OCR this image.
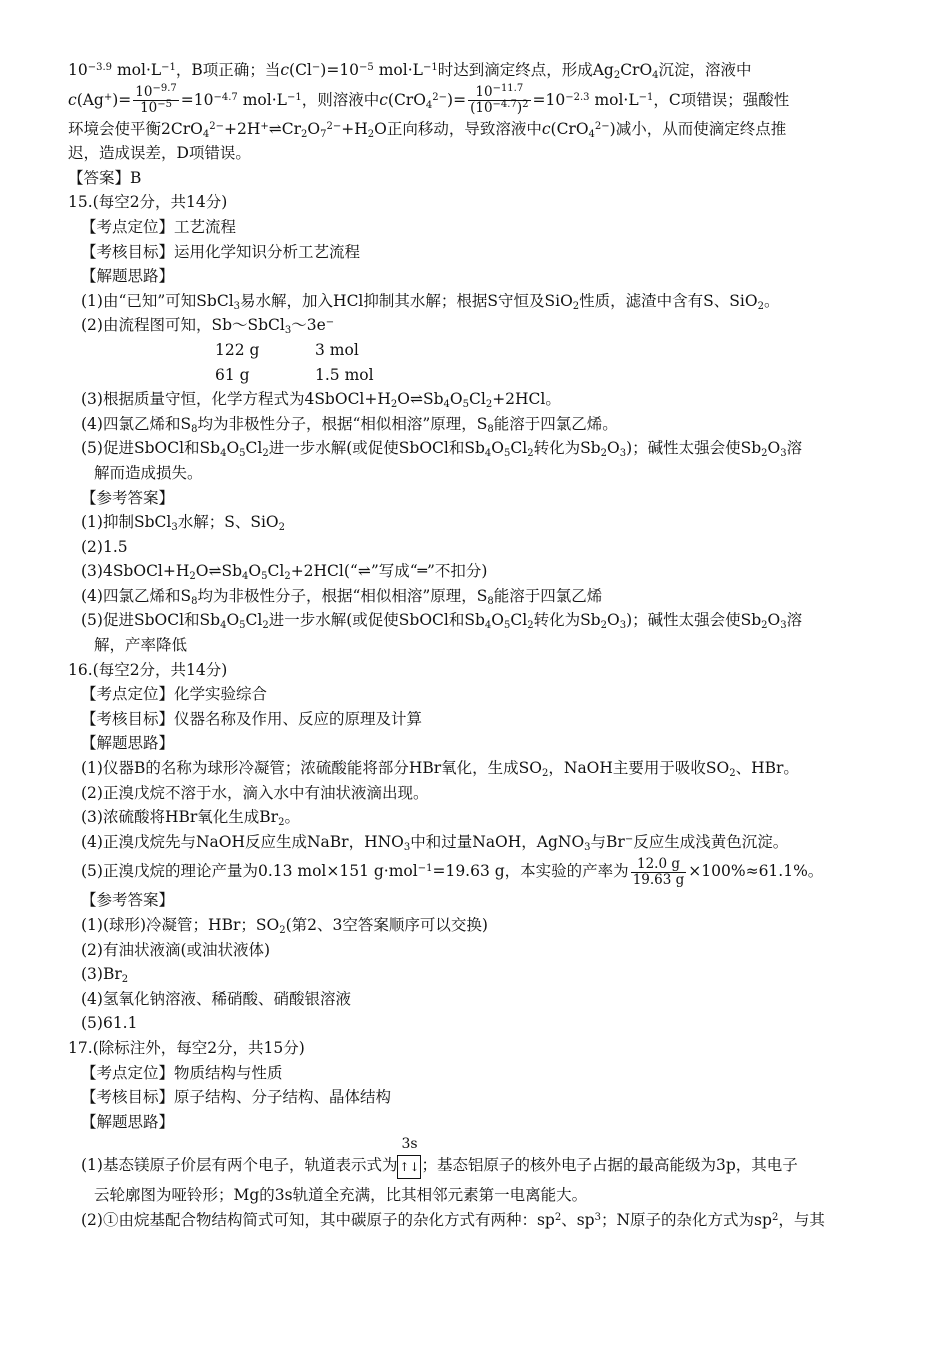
$10^{-3.9}$ $mol\cdot L^{-1}$，B项正确；当$c(Cl^-)=10^{-5}$ $mol\cdot L^{-1}$时达到滴定终点，形成$Ag_2CrO_4$沉淀，溶液中
$c(Ag^+)= \frac{10^{-9.7}}{10^{-5}} =10^{-4.7}$ $mol\cdot L^{-1}$，则溶液中$c(CrO_4^{2-})= \frac{10^{-11.7}}{(10^{-4.7})^2} =10^{-2.3}$ $mol\cdot L^{-1}$，C项错误；强酸性
环境会使平衡$2CrO_4^{2-}+2H^+\rightleftharpoons Cr_2O_7^{2-}+H_2O$正向移动，导致溶液中c(CrO$_4^{2-}$)减小，从而使滴定终点推
迟，造成误差，D项错误。
【答案】B
15.(每空2分，共14分)
【考点定位】工艺流程
【考核目标】运用化学知识分析工艺流程
【解题思路】
(1)由“已知”可知SbCl$_3$易水解，加入HCl抑制其水解；根据S守恒及SiO$_2$性质，滤渣中含有S、SiO$_2$。
(2)由流程图可知，Sb～SbCl$_3$～3e−
122 g	3 mol
61 g	1.5 mol
(3)根据质量守恒，化学方程式为$4SbOCl+H_2O\rightleftharpoons Sb_4O_5Cl_2+2HCl$。
(4)四氯乙烯和$S_8$均为非极性分子，根据“相似相溶”原理，$S_8$能溶于四氯乙烯。
(5)促进SbOCl和$Sb_4O_5Cl_2$进一步水解(或促使SbOCl和$Sb_4O_5Cl_2$转化为$Sb_2O_3$)；碱性太强会使$Sb_2O_3$溶
解而造成损失。
【参考答案】
(1)抑制SbCl$_3$水解；S、SiO$_2$
(2)1.5
$(3)4SbOCl+H_2O\rightleftharpoons Sb_4O_5Cl_2+2HCl(“\rightleftharpoons$”写成“═”不扣分)
(4)四氯乙烯和$S_8$均为非极性分子，根据“相似相溶”原理，$S_8$能溶于四氯乙烯
(5)促进SbOCl和$Sb_4O_5Cl_2$进一步水解(或促使SbOCl和$Sb_4O_5Cl_2$转化为$Sb_2O_3$)；碱性太强会使$Sb_2O_3$溶
解，产率降低
16.(每空2分，共14分)
【考点定位】化学实验综合
【考核目标】仪器名称及作用、反应的原理及计算
【解题思路】
(1)仪器B的名称为球形冷凝管；浓硫酸能将部分HBr氧化，生成$SO_2$，NaOH主要用于吸收$SO_2$、HBr。
(2)正溴戊烷不溶于水，滴入水中有油状液滴出现。
(3)浓硫酸将HBr氧化生成$Br_2$。
(4)正溴戊烷先与NaOH反应生成NaBr，$HNO_3$中和过量NaOH，AgNO$_3$与Br−反应生成浅黄色沉淀。
(5)正溴戊烷的理论产量为0.13 mol×151 g·mol$^{-1}$=19.63 g，本实验的产率为 $\frac{12.0 g}{19.63 g} \times 100\%\approx 61.1\%$。
【参考答案】
(1)(球形)冷凝管；HBr；$SO_2$(第2、3空答案顺序可以交换)
(2)有油状液滴(或油状液体)
$(3)Br_2$
(4)氢氧化钠溶液、稀硝酸、硝酸银溶液
(5)61.1
17.(除标注外，每空2分，共15分)
【考点定位】物质结构与性质
【考核目标】原子结构、分子结构、晶体结构
【解题思路】
(1)基态镁原子价层有两个电子，轨道表示式为
3s
↑↓ ；基态铝原子的核外电子占据的最高能级为3p，其电子
云轮廓图为哑铃形；Mg的3s轨道全充满，比其相邻元素第一电离能大。
(2)①由烷基配合物结构简式可知，其中碳原子的杂化方式有两种：$sp^2$、$sp^3$；N原子的杂化方式为$sp^2$，与其
